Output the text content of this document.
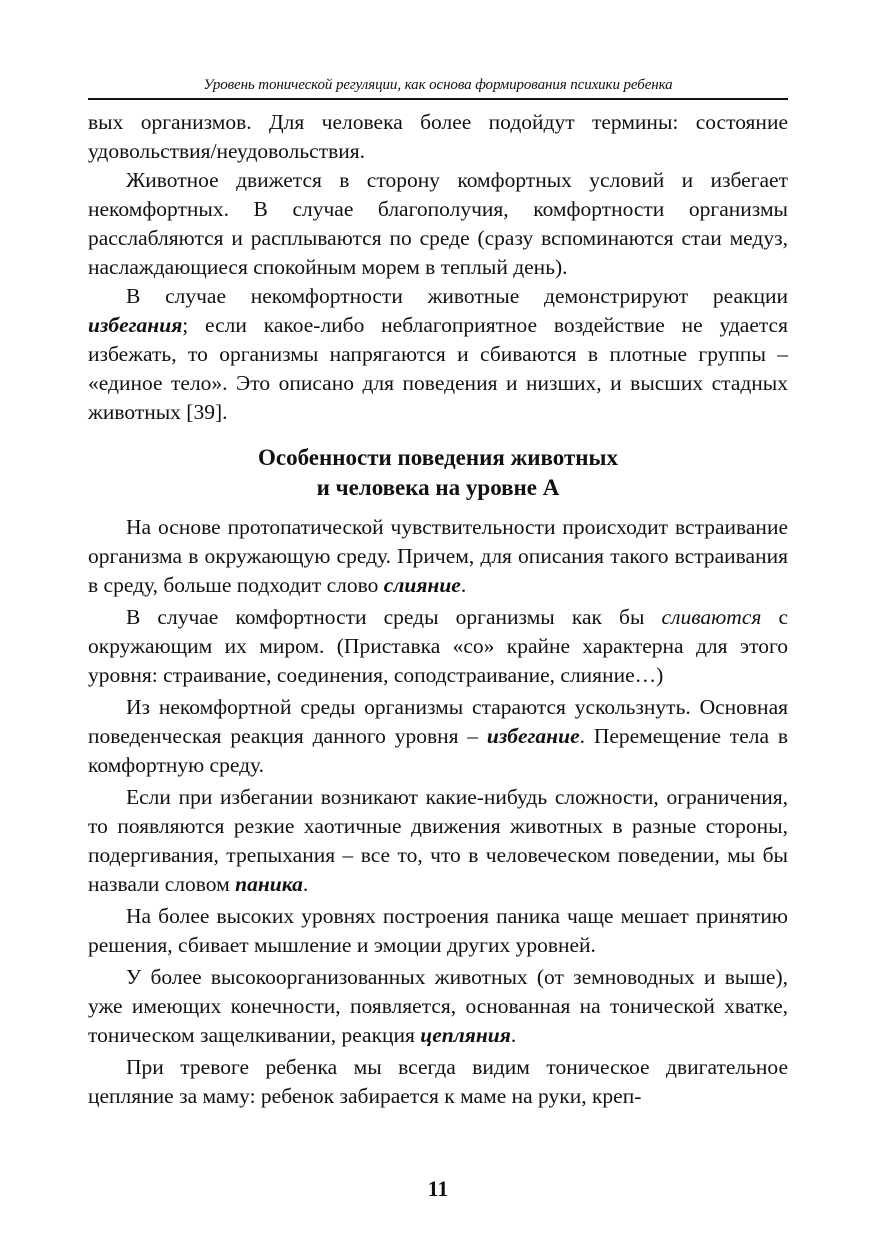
Уровень тонической регуляции, как основа формирования психики ребенка

вых организмов. Для человека более подойдут термины: состояние удовольствия/неудовольствия.

Животное движется в сторону комфортных условий и избегает некомфортных. В случае благополучия, комфортности организмы расслабляются и расплываются по среде (сразу вспоминаются стаи медуз, наслаждающиеся спокойным морем в теплый день).

В случае некомфортности животные демонстрируют реакции избегания; если какое-либо неблагоприятное воздействие не удается избежать, то организмы напрягаются и сбиваются в плотные группы – «единое тело». Это описано для поведения и низших, и высших стадных животных [39].

Особенности поведения животных
и человека на уровне А

На основе протопатической чувствительности происходит встраивание организма в окружающую среду. Причем, для описания такого встраивания в среду, больше подходит слово слияние.

В случае комфортности среды организмы как бы сливаются с окружающим их миром. (Приставка «со» крайне характерна для этого уровня: страивание, соединения, соподстраивание, слияние…)

Из некомфортной среды организмы стараются ускользнуть. Основная поведенческая реакция данного уровня – избегание. Перемещение тела в комфортную среду.

Если при избегании возникают какие-нибудь сложности, ограничения, то появляются резкие хаотичные движения животных в разные стороны, подергивания, трепыхания – все то, что в человеческом поведении, мы бы назвали словом паника.

На более высоких уровнях построения паника чаще мешает принятию решения, сбивает мышление и эмоции других уровней.

У более высокоорганизованных животных (от земноводных и выше), уже имеющих конечности, появляется, основанная на тонической хватке, тоническом защелкивании, реакция цепляния.

При тревоге ребенка мы всегда видим тоническое двигательное цепляние за маму: ребенок забирается к маме на руки, креп-

11
